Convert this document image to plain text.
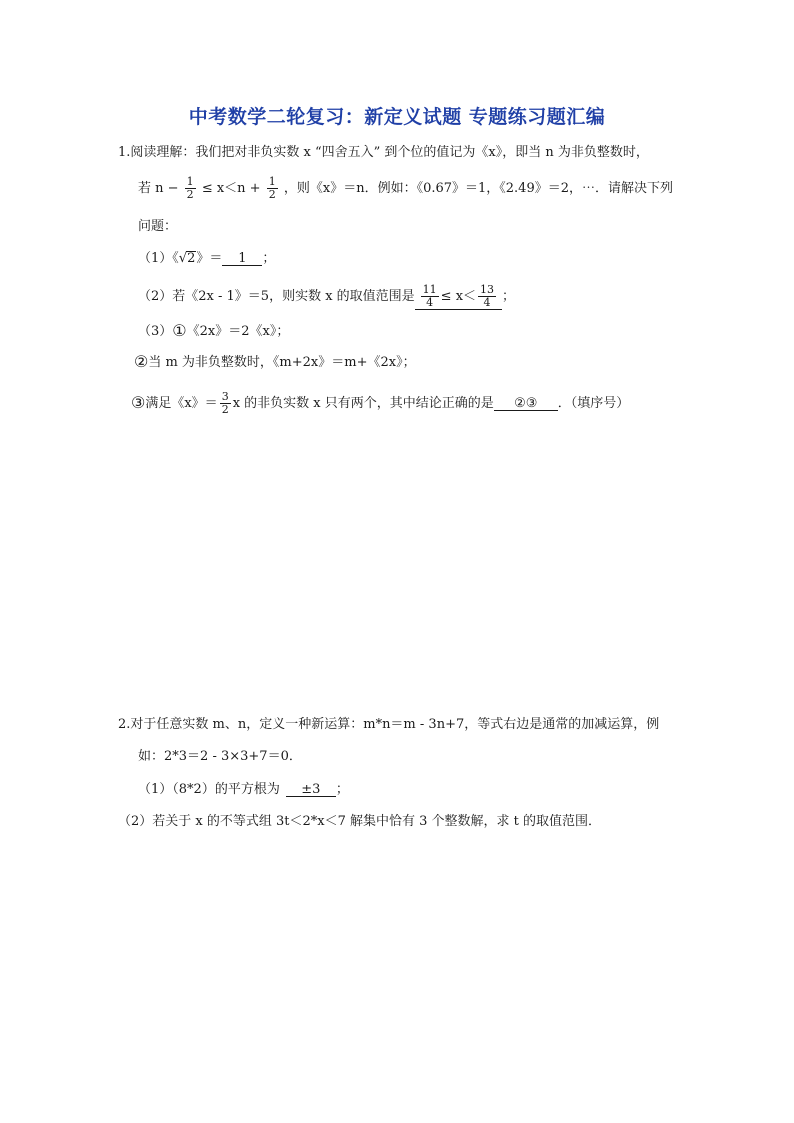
中考数学二轮复习：新定义试题 专题练习题汇编
1.阅读理解：我们把对非负实数 x “四舍五入” 到个位的值记为《x》，即当 n 为非负整数时，
若 $n - \frac{1}{2} \le x<n + \frac{1}{2}$ ，则《x》＝n．例如：《0.67》＝1，《2.49》＝2，⋯．请解决下列
问题：
（1）《√2》＝ 1 ；
（2）若《2x - 1》＝5，则实数 x 的取值范围是 $\frac{11}{4} \le x< \frac{13}{4}$ ；
（3）①《2x》＝2《x》；
②当 m 为非负整数时，《m+2x》＝m+《2x》；
③满足《x》＝ $\frac{3}{2}$ x 的非负实数 x 只有两个，其中结论正确的是 ②③ ．（填序号）
2.对于任意实数 m、n，定义一种新运算：m*n＝m - 3n+7，等式右边是通常的加减运算，例
如：2*3＝2 - 3×3+7＝0．
（1）（8*2）的平方根为 ±3 ；
（2）若关于 x 的不等式组 3t＜2*x＜7 解集中恰有 3 个整数解，求 t 的取值范围．
